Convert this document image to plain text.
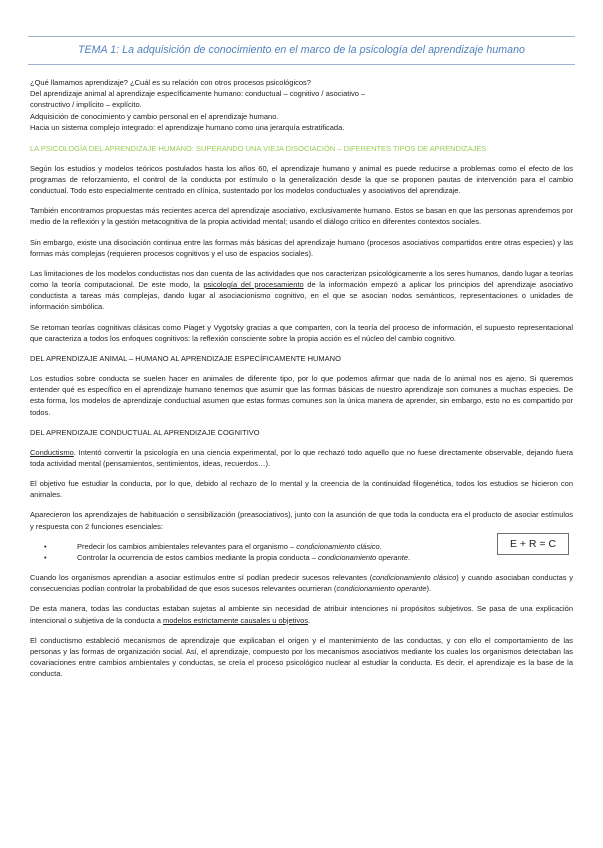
TEMA 1: La adquisición de conocimiento en el marco de la psicología del aprendizaje humano
¿Qué llamamos aprendizaje? ¿Cuál es su relación con otros procesos psicológicos?
Del aprendizaje animal al aprendizaje específicamente humano: conductual – cognitivo / asociativo –
constructivo / implícito – explícito.
Adquisición de conocimiento y cambio personal en el aprendizaje humano.
Hacia un sistema complejo integrado: el aprendizaje humano como una jerarquía estratificada.
LA PSICOLOGÍA DEL APRENDIZAJE HUMANO: SUPERANDO UNA VIEJA DISOCIACIÓN – DIFERENTES TIPOS DE APRENDIZAJES

Según los estudios y modelos teóricos postulados hasta los años 60, el aprendizaje humano y animal es puede reducirse a problemas como el efecto de los programas de reforzamiento, el control de la conducta por estímulo o la generalización desde la que se proponen pautas de intervención para el cambio conductual. Todo esto especialmente centrado en clínica, sustentado por los modelos conductuales y asociativos del aprendizaje.

También encontramos propuestas más recientes acerca del aprendizaje asociativo, exclusivamente humano. Estos se basan en que las personas aprendemos por medio de la reflexión y la gestión metacognitiva de la propia actividad mental; usando el diálogo crítico en diferentes contextos sociales.

Sin embargo, existe una disociación continua entre las formas más básicas del aprendizaje humano (procesos asociativos compartidos entre otras especies) y las formas más complejas (requieren procesos cognitivos y el uso de espacios sociales).

Las limitaciones de los modelos conductistas nos dan cuenta de las actividades que nos caracterizan psicológicamente a los seres humanos, dando lugar a teorías como la teoría computacional. De este modo, la psicología del procesamiento de la información empezó a aplicar los principios del aprendizaje asociativo conductista a tareas más complejas, dando lugar al asociacionismo cognitivo, en el que se asocian nodos semánticos, representaciones o unidades de información simbólica.

Se retoman teorías cognitivas clásicas como Piaget y Vygotsky gracias a que comparten, con la teoría del proceso de información, el supuesto representacional que caracteriza a todos los enfoques cognitivos: la reflexión consciente sobre la propia acción es el núcleo del cambio cognitivo.

DEL APRENDIZAJE ANIMAL – HUMANO AL APRENDIZAJE ESPECÍFICAMENTE HUMANO

Los estudios sobre conducta se suelen hacer en animales de diferente tipo, por lo que podemos afirmar que nada de lo animal nos es ajeno. Si queremos entender qué es específico en el aprendizaje humano tenemos que asumir que las formas básicas de nuestro aprendizaje son comunes a muchas especies. De esta forma, los modelos de aprendizaje conductual asumen que estas formas comunes son la única manera de aprender, sin embargo, esto no es compartido por todos.

DEL APRENDIZAJE CONDUCTUAL AL APRENDIZAJE COGNITIVO

Conductismo. Intentó convertir la psicología en una ciencia experimental, por lo que rechazó todo aquello que no fuese directamente observable, dejando fuera toda actividad mental (pensamientos, sentimientos, ideas, recuerdos…).

El objetivo fue estudiar la conducta, por lo que, debido al rechazo de lo mental y la creencia de la continuidad filogenética, todos los estudios se hicieron con animales.

Aparecieron los aprendizajes de habituación o sensibilización (preasociativos), junto con la asunción de que toda la conducta era el producto de asociar estímulos y respuesta con 2 funciones esenciales:

E + R = C
•	Predecir los cambios ambientales relevantes para el organismo – condicionamiento clásico.
•	Controlar la ocurrencia de estos cambios mediante la propia conducta – condicionamiento operante.

Cuando los organismos aprendían a asociar estímulos entre sí podían predecir sucesos relevantes (condicionamiento clásico) y cuando asociaban conductas y consecuencias podían controlar la probabilidad de que esos sucesos relevantes ocurrieran (condicionamiento operante).

De esta manera, todas las conductas estaban sujetas al ambiente sin necesidad de atribuir intenciones ni propósitos subjetivos. Se pasa de una explicación intencional o subjetiva de la conducta a modelos estrictamente causales u objetivos.

El conductismo estableció mecanismos de aprendizaje que explicaban el origen y el mantenimiento de las conductas, y con ello el comportamiento de las personas y las formas de organización social. Así, el aprendizaje, compuesto por los mecanismos asociativos mediante los cuales los organismos detectaban las covariaciones entre cambios ambientales y conductas, se creía el proceso psicológico nuclear al estudiar la conducta. Es decir, el aprendizaje es la base de la conducta.
